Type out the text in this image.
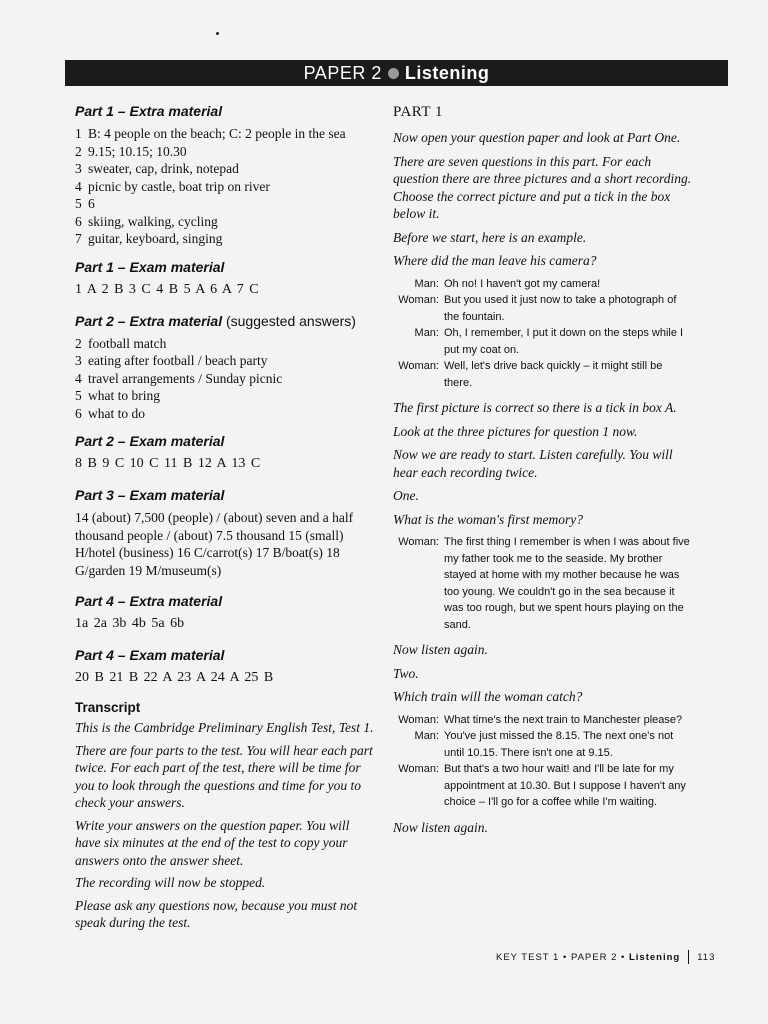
PAPER 2 Listening
Part 1 – Extra material
1 B: 4 people on the beach; C: 2 people in the sea
2 9.15; 10.15; 10.30
3 sweater, cap, drink, notepad
4 picnic by castle, boat trip on river
5 6
6 skiing, walking, cycling
7 guitar, keyboard, singing
Part 1 – Exam material
1 A 2 B 3 C 4 B 5 A 6 A 7 C
Part 2 – Extra material (suggested answers)
2 football match
3 eating after football / beach party
4 travel arrangements / Sunday picnic
5 what to bring
6 what to do
Part 2 – Exam material
8 B 9 C 10 C 11 B 12 A 13 C
Part 3 – Exam material
14 (about) 7,500 (people) / (about) seven and a half thousand people / (about) 7.5 thousand 15 (small) H/hotel (business) 16 C/carrot(s) 17 B/boat(s) 18 G/garden 19 M/museum(s)
Part 4 – Extra material
1a 2a 3b 4b 5a 6b
Part 4 – Exam material
20 B 21 B 22 A 23 A 24 A 25 B
Transcript
This is the Cambridge Preliminary English Test, Test 1.
There are four parts to the test. You will hear each part twice. For each part of the test, there will be time for you to look through the questions and time for you to check your answers.
Write your answers on the question paper. You will have six minutes at the end of the test to copy your answers onto the answer sheet.
The recording will now be stopped.
Please ask any questions now, because you must not speak during the test.
PART 1
Now open your question paper and look at Part One.
There are seven questions in this part. For each question there are three pictures and a short recording. Choose the correct picture and put a tick in the box below it.
Before we start, here is an example.
Where did the man leave his camera?
Man: Oh no! I haven't got my camera!
Woman: But you used it just now to take a photograph of the fountain.
Man: Oh, I remember, I put it down on the steps while I put my coat on.
Woman: Well, let's drive back quickly – it might still be there.
The first picture is correct so there is a tick in box A.
Look at the three pictures for question 1 now.
Now we are ready to start. Listen carefully. You will hear each recording twice.
One.
What is the woman's first memory?
Woman: The first thing I remember is when I was about five my father took me to the seaside. My brother stayed at home with my mother because he was too young. We couldn't go in the sea because it was too rough, but we spent hours playing on the sand.
Now listen again.
Two.
Which train will the woman catch?
Woman: What time's the next train to Manchester please?
Man: You've just missed the 8.15. The next one's not until 10.15. There isn't one at 9.15.
Woman: But that's a two hour wait! and I'll be late for my appointment at 10.30. But I suppose I haven't any choice – I'll go for a coffee while I'm waiting.
Now listen again.
KEY TEST 1 • PAPER 2 •
Listening 113
